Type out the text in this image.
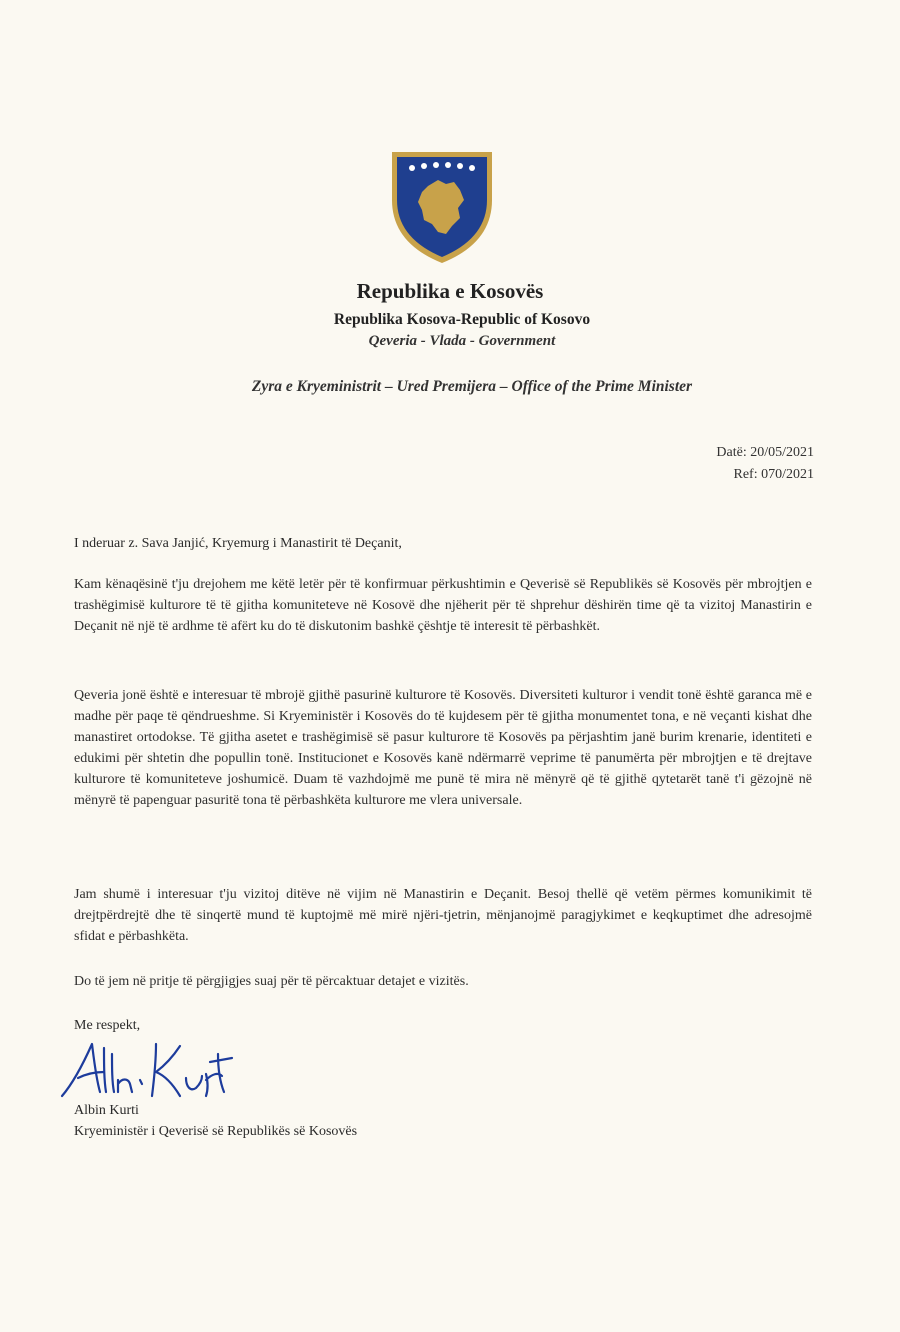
Republika e Kosovës
Republika Kosova-Republic of Kosovo
Qeveria - Vlada - Government
Zyra e Kryeministrit – Ured Premijera – Office of the Prime Minister
Datë: 20/05/2021
Ref: 070/2021
I nderuar z. Sava Janjić, Kryemurg i Manastirit të Deçanit,
Kam kënaqësinë t'ju drejohem me këtë letër për të konfirmuar përkushtimin e Qeverisë së Republikës së Kosovës për mbrojtjen e trashëgimisë kulturore të të gjitha komuniteteve në Kosovë dhe njëherit për të shprehur dëshirën time që ta vizitoj Manastirin e Deçanit në një të ardhme të afërt ku do të diskutonim bashkë çështje të interesit të përbashkët.
Qeveria jonë është e interesuar të mbrojë gjithë pasurinë kulturore të Kosovës. Diversiteti kulturor i vendit tonë është garanca më e madhe për paqe të qëndrueshme. Si Kryeministër i Kosovës do të kujdesem për të gjitha monumentet tona, e në veçanti kishat dhe manastiret ortodokse. Të gjitha asetet e trashëgimisë së pasur kulturore të Kosovës pa përjashtim janë burim krenarie, identiteti e edukimi për shtetin dhe popullin tonë. Institucionet e Kosovës kanë ndërmarrë veprime të panumërta për mbrojtjen e të drejtave kulturore të komuniteteve joshumicë. Duam të vazhdojmë me punë të mira në mënyrë që të gjithë qytetarët tanë t'i gëzojnë në mënyrë të papenguar pasuritë tona të përbashkëta kulturore me vlera universale.
Jam shumë i interesuar t'ju vizitoj ditëve në vijim në Manastirin e Deçanit. Besoj thellë që vetëm përmes komunikimit të drejtpërdrejtë dhe të sinqertë mund të kuptojmë më mirë njëri-tjetrin, mënjanojmë paragjykimet e keqkuptimet dhe adresojmë sfidat e përbashkëta.
Do të jem në pritje të përgjigjes suaj për të përcaktuar detajet e vizitës.
Me respekt,
Albin Kurti
Kryeministër i Qeverisë së Republikës së Kosovës
